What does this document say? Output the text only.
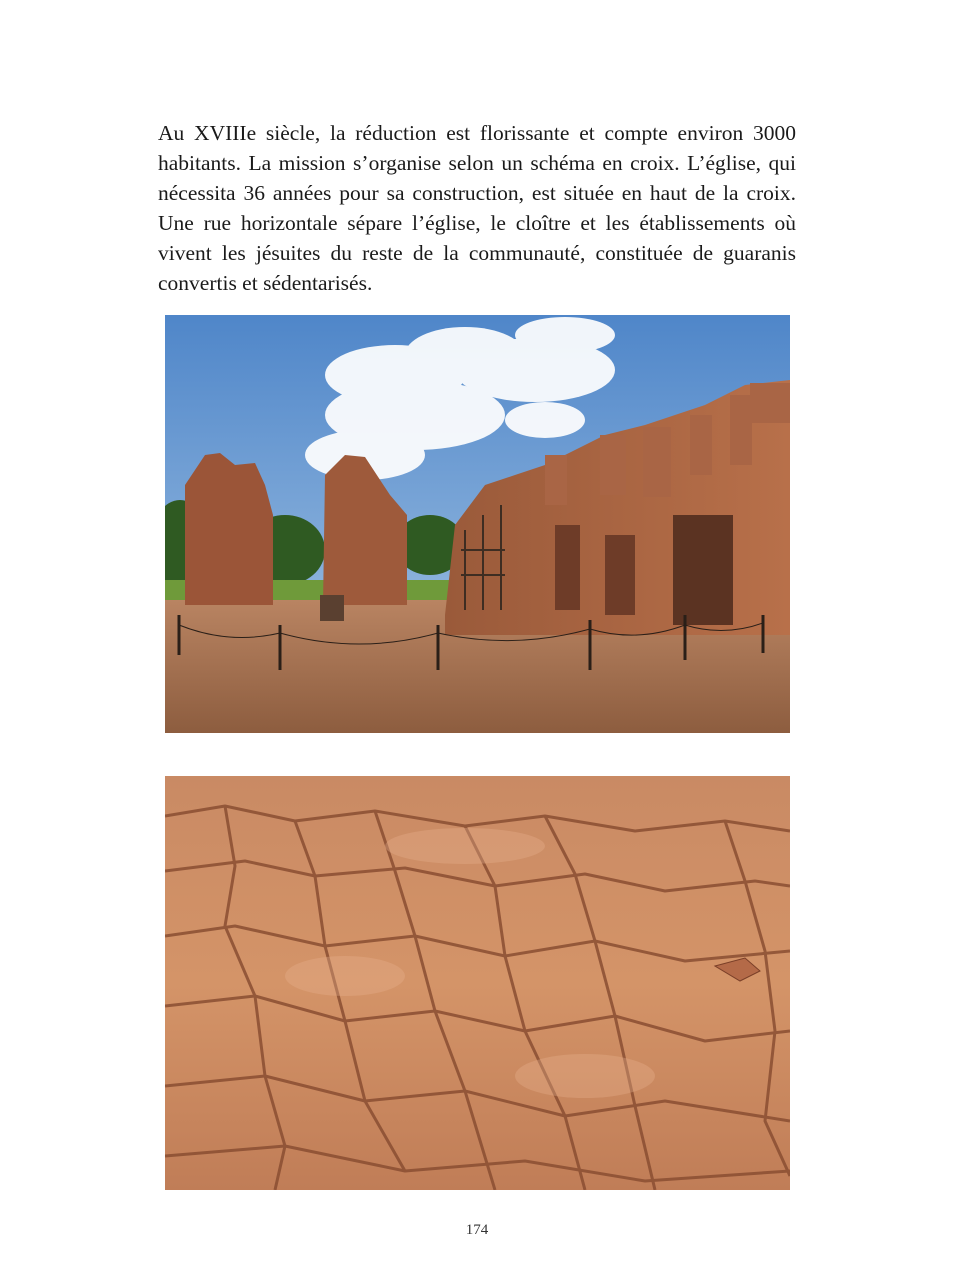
Au XVIIIe siècle, la réduction est florissante et compte environ 3000 habitants. La mission s’organise selon un schéma en croix. L’église, qui nécessita 36 années pour sa construction, est située en haut de la croix. Une rue horizontale sépare l’église, le cloître et les établissements où vivent les jésuites du reste de la communauté, constituée de guaranis convertis et sédentarisés.

174
